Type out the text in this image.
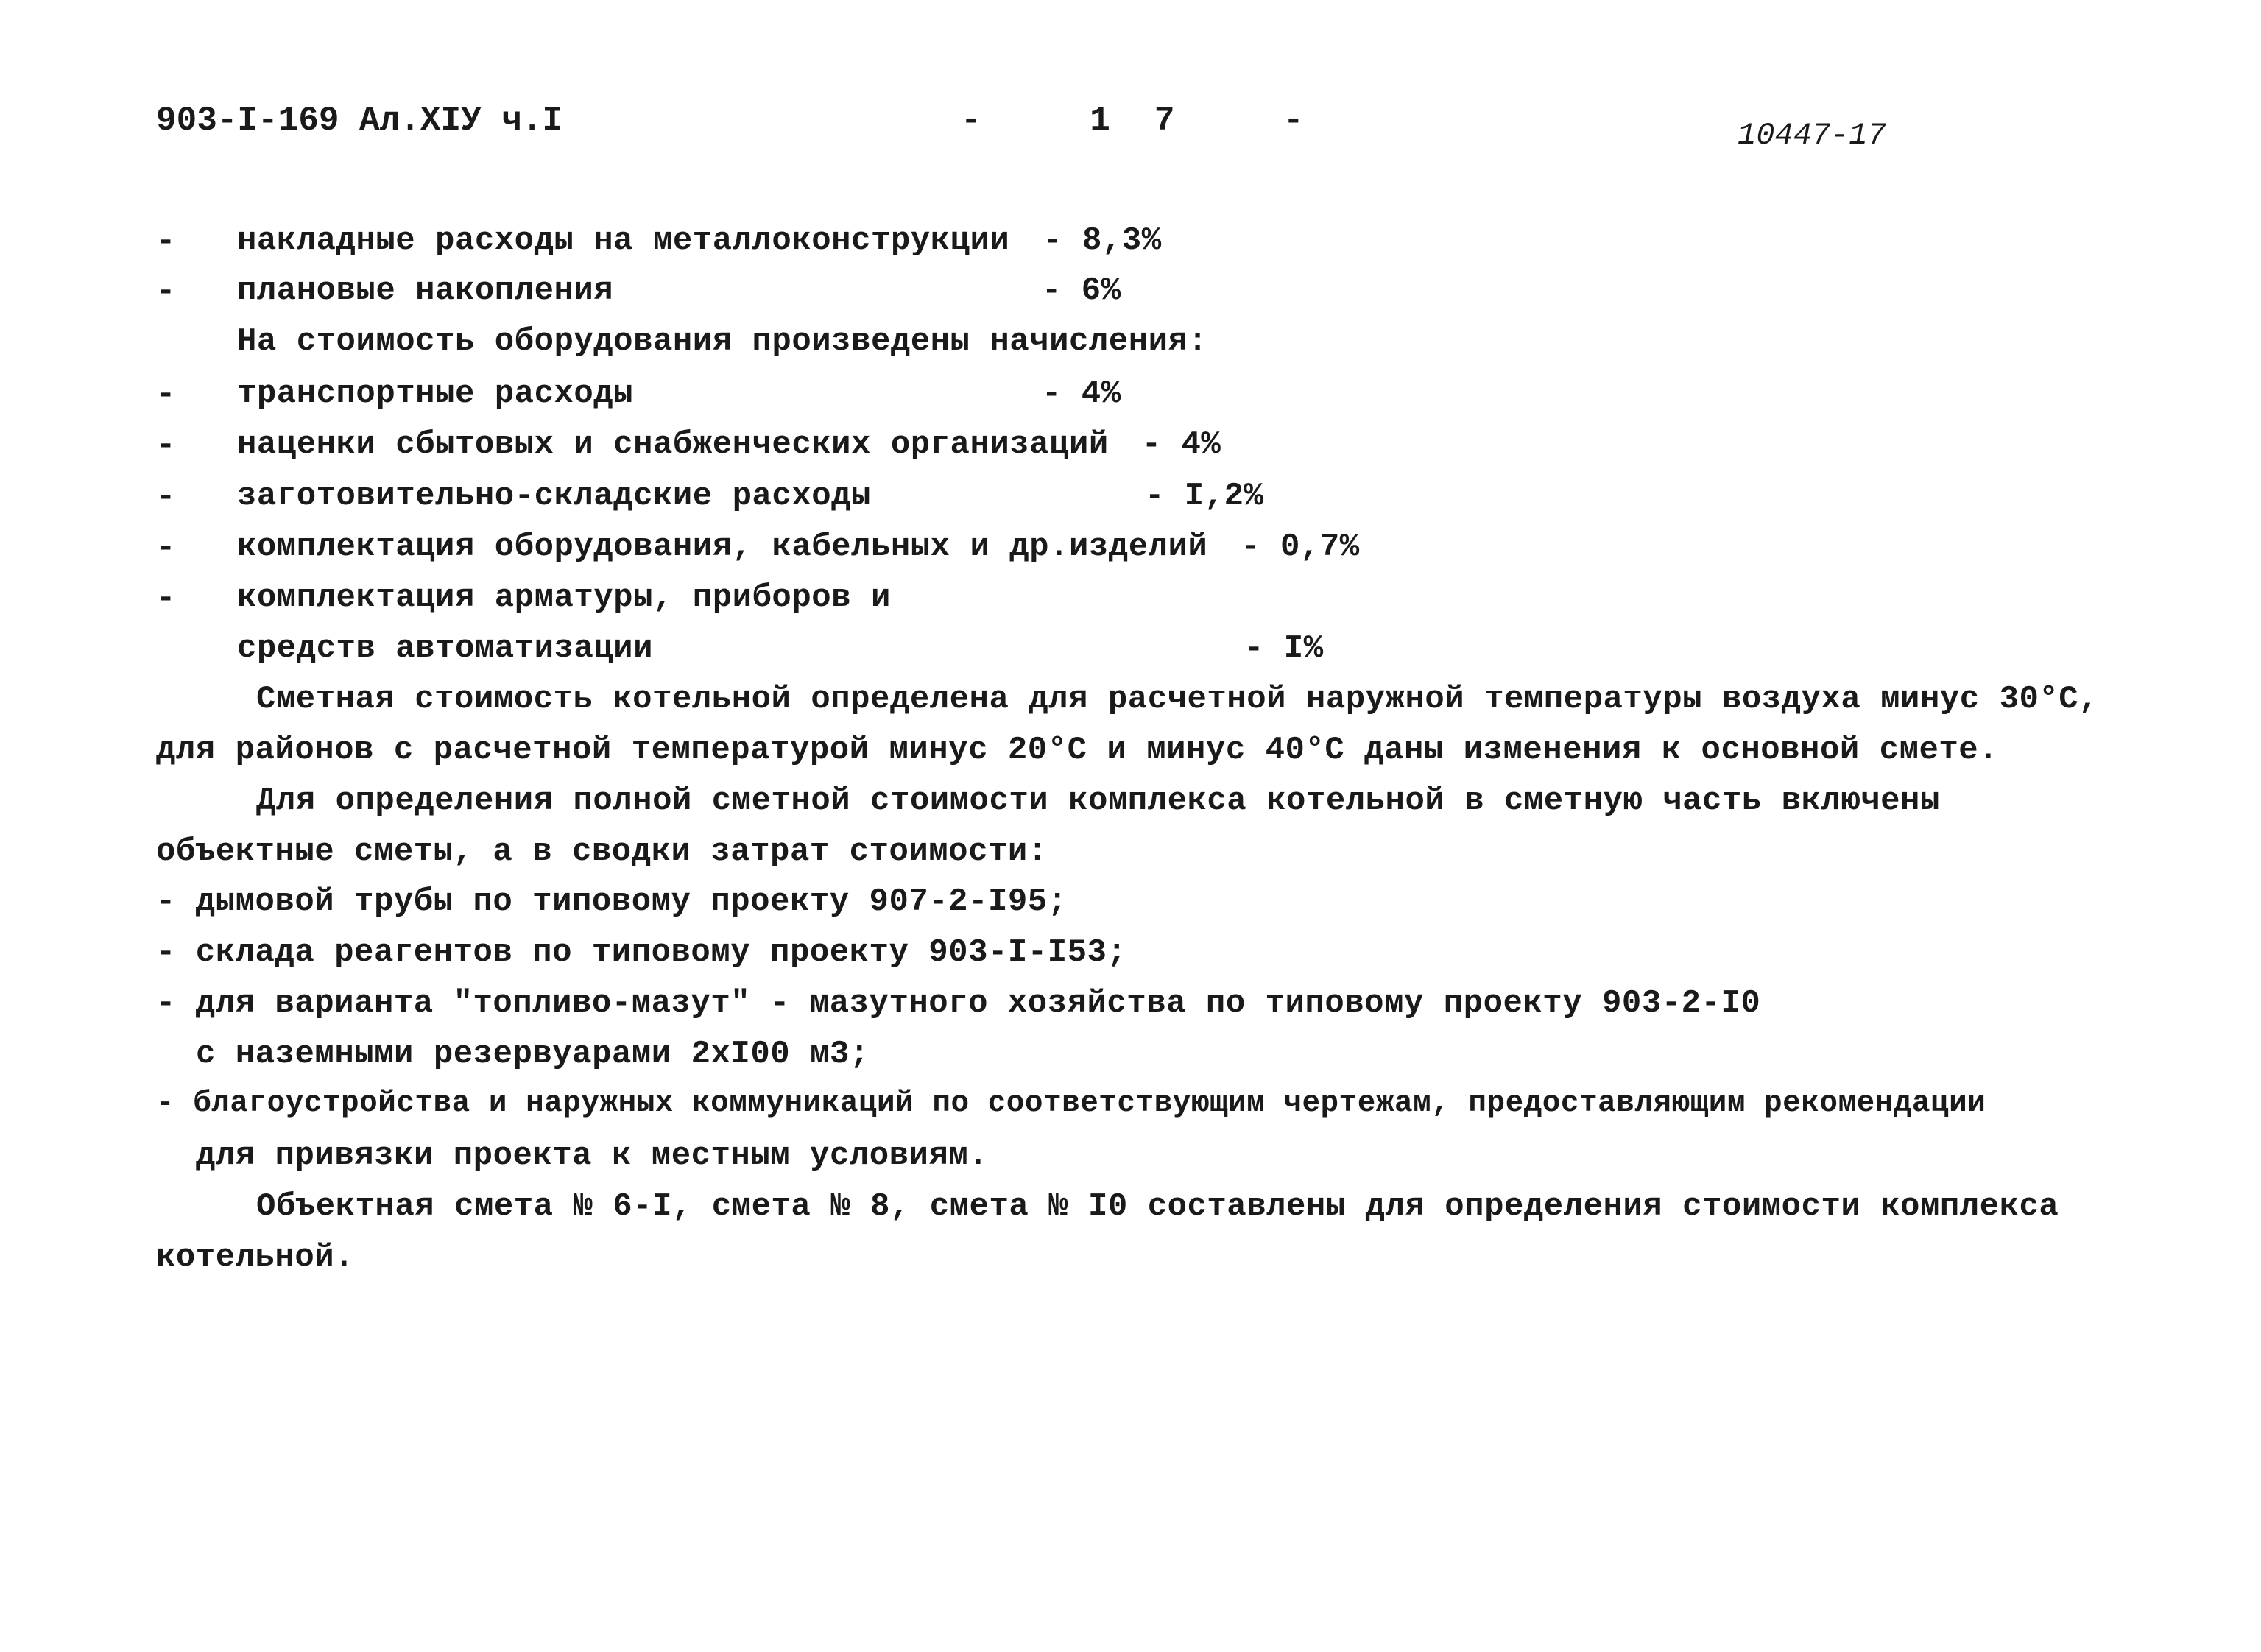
903-I-169 Ал.XIУ ч.I	- 17 -	10447-17
- накладные расходы на металлоконструкции - 8,3%
- плановые накопления	- 6%
На стоимость оборудования произведены начисления:
- транспортные расходы	- 4%
- наценки сбытовых и снабженческих организаций - 4%
- заготовительно-складские расходы	- I,2%
- комплектация оборудования, кабельных и др.изделий - 0,7%
- комплектация арматуры, приборов и
средств автоматизации	- I%
Сметная стоимость котельной определена для расчетной наружной температуры воздуха минус 30°С,
для районов с расчетной температурой минус 20°С и минус 40°С даны изменения к основной смете.
Для определения полной сметной стоимости комплекса котельной в сметную часть включены
объектные сметы, а в сводки затрат стоимости:
- дымовой трубы по типовому проекту 907-2-I95;
- склада реагентов по типовому проекту 903-I-I53;
- для варианта "топливо-мазут" - мазутного хозяйства по типовому проекту 903-2-I0
с наземными резервуарами 2хI00 м3;
- благоустройства и наружных коммуникаций по соответствующим чертежам, предоставляющим рекомендации
для привязки проекта к местным условиям.
Объектная смета № 6-I, смета № 8, смета № I0 составлены для определения стоимости комплекса
котельной.
